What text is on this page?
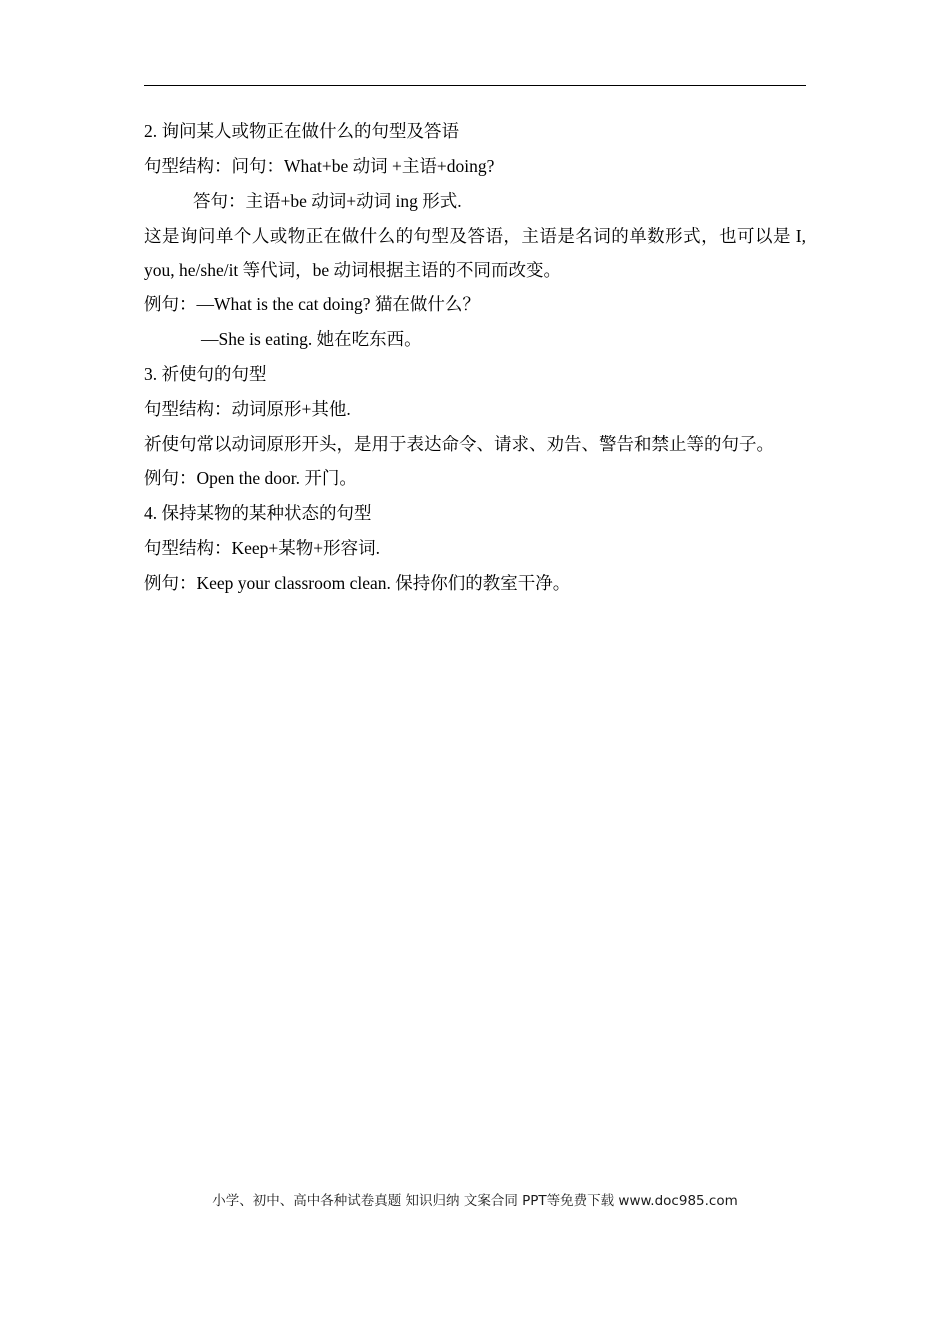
2. 询问某人或物正在做什么的句型及答语
句型结构：问句：What+be 动词 +主语+doing?
答句：主语+be 动词+动词 ing 形式.
这是询问单个人或物正在做什么的句型及答语，主语是名词的单数形式，也可以是 I, you, he/she/it 等代词，be 动词根据主语的不同而改变。
例句：—What is the cat doing? 猫在做什么？
—She is eating. 她在吃东西。
3. 祈使句的句型
句型结构：动词原形+其他.
祈使句常以动词原形开头，是用于表达命令、请求、劝告、警告和禁止等的句子。
例句：Open the door. 开门。
4. 保持某物的某种状态的句型
句型结构：Keep+某物+形容词.
例句：Keep your classroom clean. 保持你们的教室干净。
小学、初中、高中各种试卷真题 知识归纳 文案合同 PPT等免费下载 www.doc985.com
